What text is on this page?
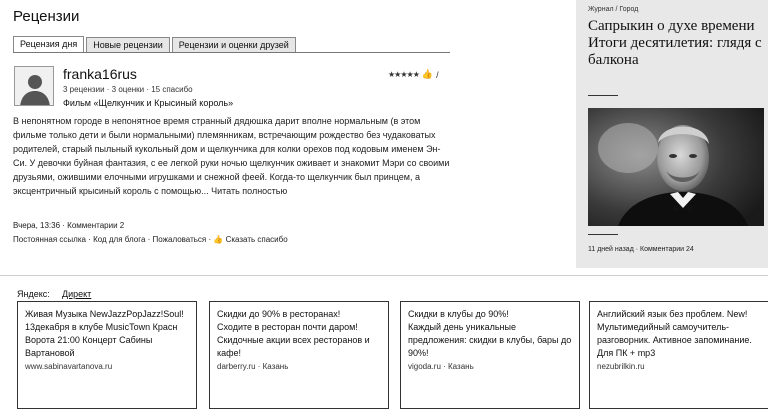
Рецензии
Рецензия дня	Новые рецензии	Рецензии и оценки друзей
franka16rus
3 рецензии · 3 оценки · 15 спасибо
Фильм «Щелкунчик и Крысиный король»
★★★★★ 👍 /
В непонятном городе в непонятное время странный дядюшка дарит вполне нормальным (в этом фильме только дети и были нормальными) племянникам, встречающим рождество без чудаковатых родителей, старый пыльный кукольный дом и щелкунчика для колки орехов под кодовым именем Эн-Си. У девочки буйная фантазия, с ее легкой руки ночью щелкунчик оживает и знакомит Мэри со своими друзьями, ожившими елочными игрушками и снежной феей. Когда-то щелкунчик был принцем, а эксцентричный крысиный король с помощью... Читать полностью
Вчера, 13:36 · Комментарии 2
Постоянная ссылка · Код для блога · Пожаловаться · 👍 Сказать спасибо
Журнал / Город
Сапрыкин о духе времени Итоги десятилетия: глядя с балкона
11 дней назад · Комментарии 24
Яндекс: Директ
Живая Музыка NewJazzPopJazz!Soul!
13декабря в клубе MusicTown Красн Ворота 21:00 Концерт Сабины Вартановой
www.sabinavartanova.ru
Скидки до 90% в ресторанах!
Сходите в ресторан почти даром! Скидочные акции всех ресторанов и кафе!
darberry.ru · Казань
Скидки в клубы до 90%!
Каждый день уникальные предложения: скидки в клубы, бары до 90%!
vigoda.ru · Казань
Английский язык без проблем. New!
Мультимедийный самоучитель-разговорник. Активное запоминание. Для ПК + mp3
nezubrilkin.ru
